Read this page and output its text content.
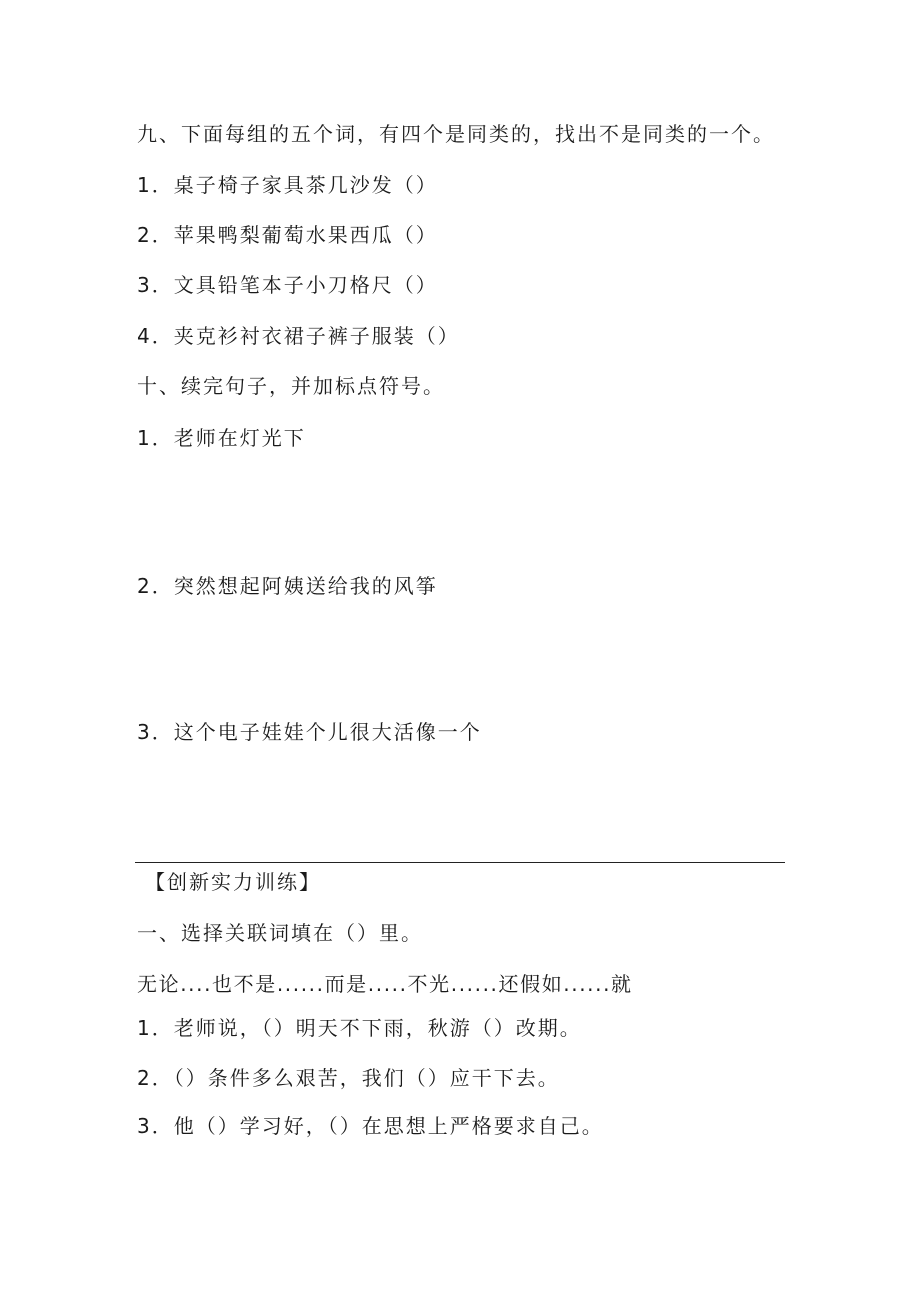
九、下面每组的五个词，有四个是同类的，找出不是同类的一个。
1．桌子椅子家具茶几沙发（）
2．苹果鸭梨葡萄水果西瓜（）
3．文具铅笔本子小刀格尺（）
4．夹克衫衬衣裙子裤子服装（）
十、续完句子，并加标点符号。
1．老师在灯光下
2．突然想起阿姨送给我的风筝
3．这个电子娃娃个儿很大活像一个
【创新实力训练】
一、选择关联词填在（）里。
无论....也不是......而是.....不光......还假如......就
1．老师说，（）明天不下雨，秋游（）改期。
2．（）条件多么艰苦，我们（）应干下去。
3．他（）学习好，（）在思想上严格要求自己。
